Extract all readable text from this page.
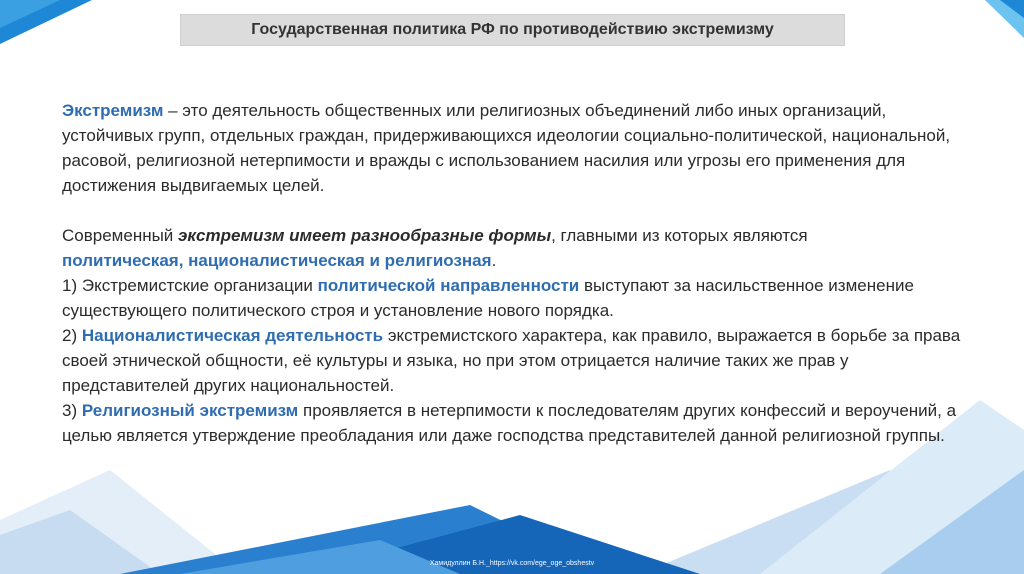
Государственная политика РФ по противодействию экстремизму

Экстремизм – это деятельность общественных или религиозных объединений либо иных организаций, устойчивых групп, отдельных граждан, придерживающихся идеологии социально-политической, национальной, расовой, религиозной нетерпимости и вражды с использованием насилия или угрозы его применения для достижения выдвигаемых целей.

Современный экстремизм имеет разнообразные формы, главными из которых являются
политическая, националистическая и религиозная.

1) Экстремистские организации политической направленности выступают за насильственное изменение существующего политического строя и установление нового порядка.

2) Националистическая деятельность экстремистского характера, как правило, выражается в борьбе за права своей этнической общности, её культуры и языка, но при этом отрицается наличие таких же прав у представителей других национальностей.

3) Религиозный экстремизм проявляется в нетерпимости к последователям других конфессий и вероучений, а целью является утверждение преобладания или даже господства представителей данной религиозной группы.

Хамидуллин Б.Н._https://vk.com/ege_oge_obshestv
